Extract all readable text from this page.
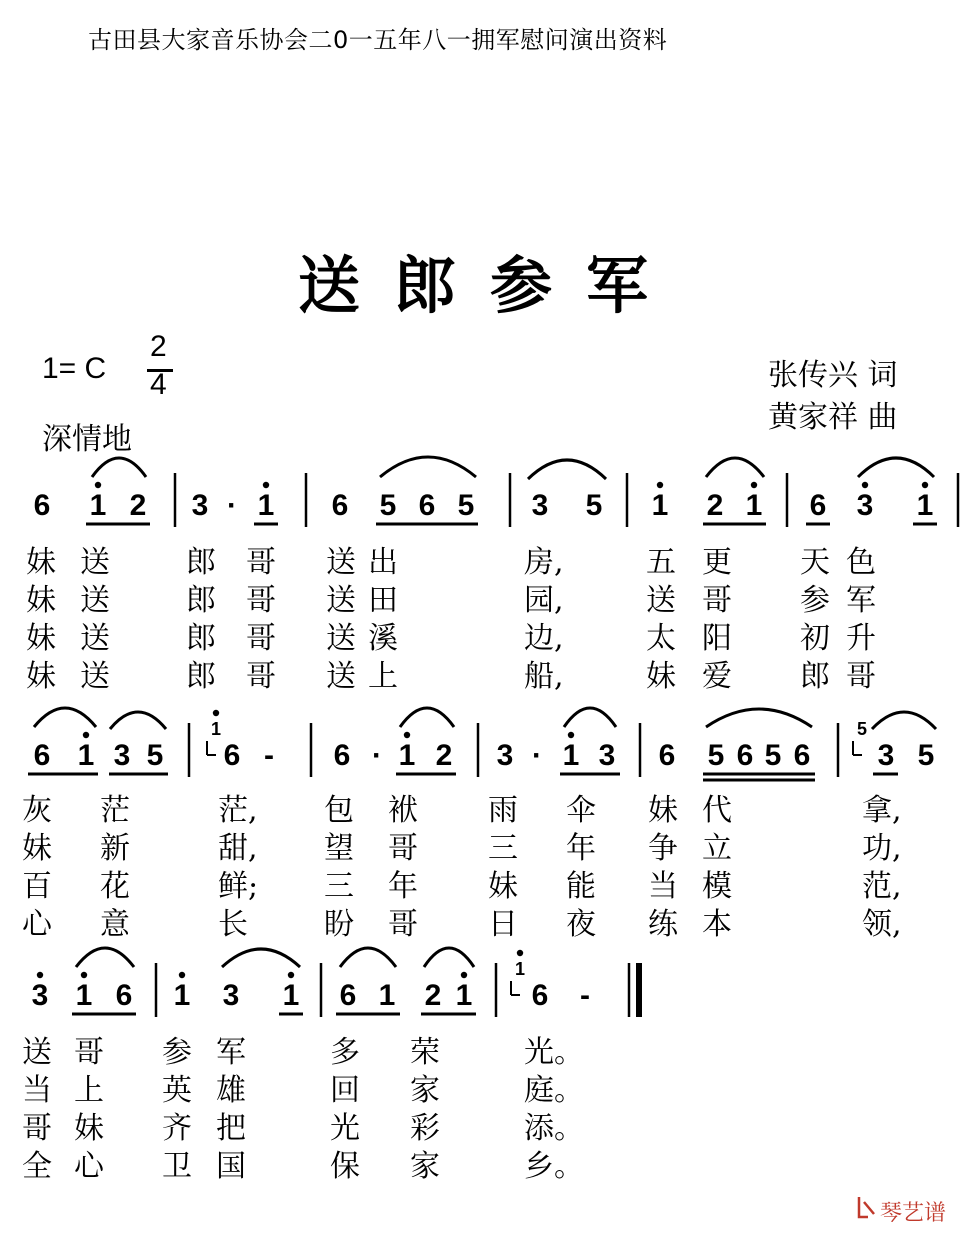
古田县大家音乐协会二0一五年八一拥军慰问演出资料
送郎参军
1= C
2
4
深情地
张传兴 词
黄家祥 曲
6 1 2 3 · 1 6 5 6 5 3 5 1 2 1 6 3 1
6 1 3 5 6 - 6 · 1 2 3 · 1 3 6 5 6 5 6 3 5
1	5
3 1 6 1 3 1 6 1 2 1 6 -
1
妹 送	郎 哥 送 出	房,	五 更 天 色
妹 送	郎 哥 送 田	园,	送 哥 参 军
妹 送	郎 哥 送 溪	边,	太 阳 初 升
妹 送	郎 哥 送 上	船,	妹 爱 郎 哥
灰 茫	茫, 包 袱 雨 伞 妹 代	拿,
妹 新	甜, 望 哥 三 年 争 立	功,
百 花	鲜; 三 年 妹 能 当 模	范,
心 意	长	盼 哥 日 夜 练 本	领,
送 哥 参 军	多 荣	光。
当 上 英 雄	回 家	庭。
哥 妹 齐 把	光 彩	添。
全 心 卫 国	保 家	乡。
琴艺谱
